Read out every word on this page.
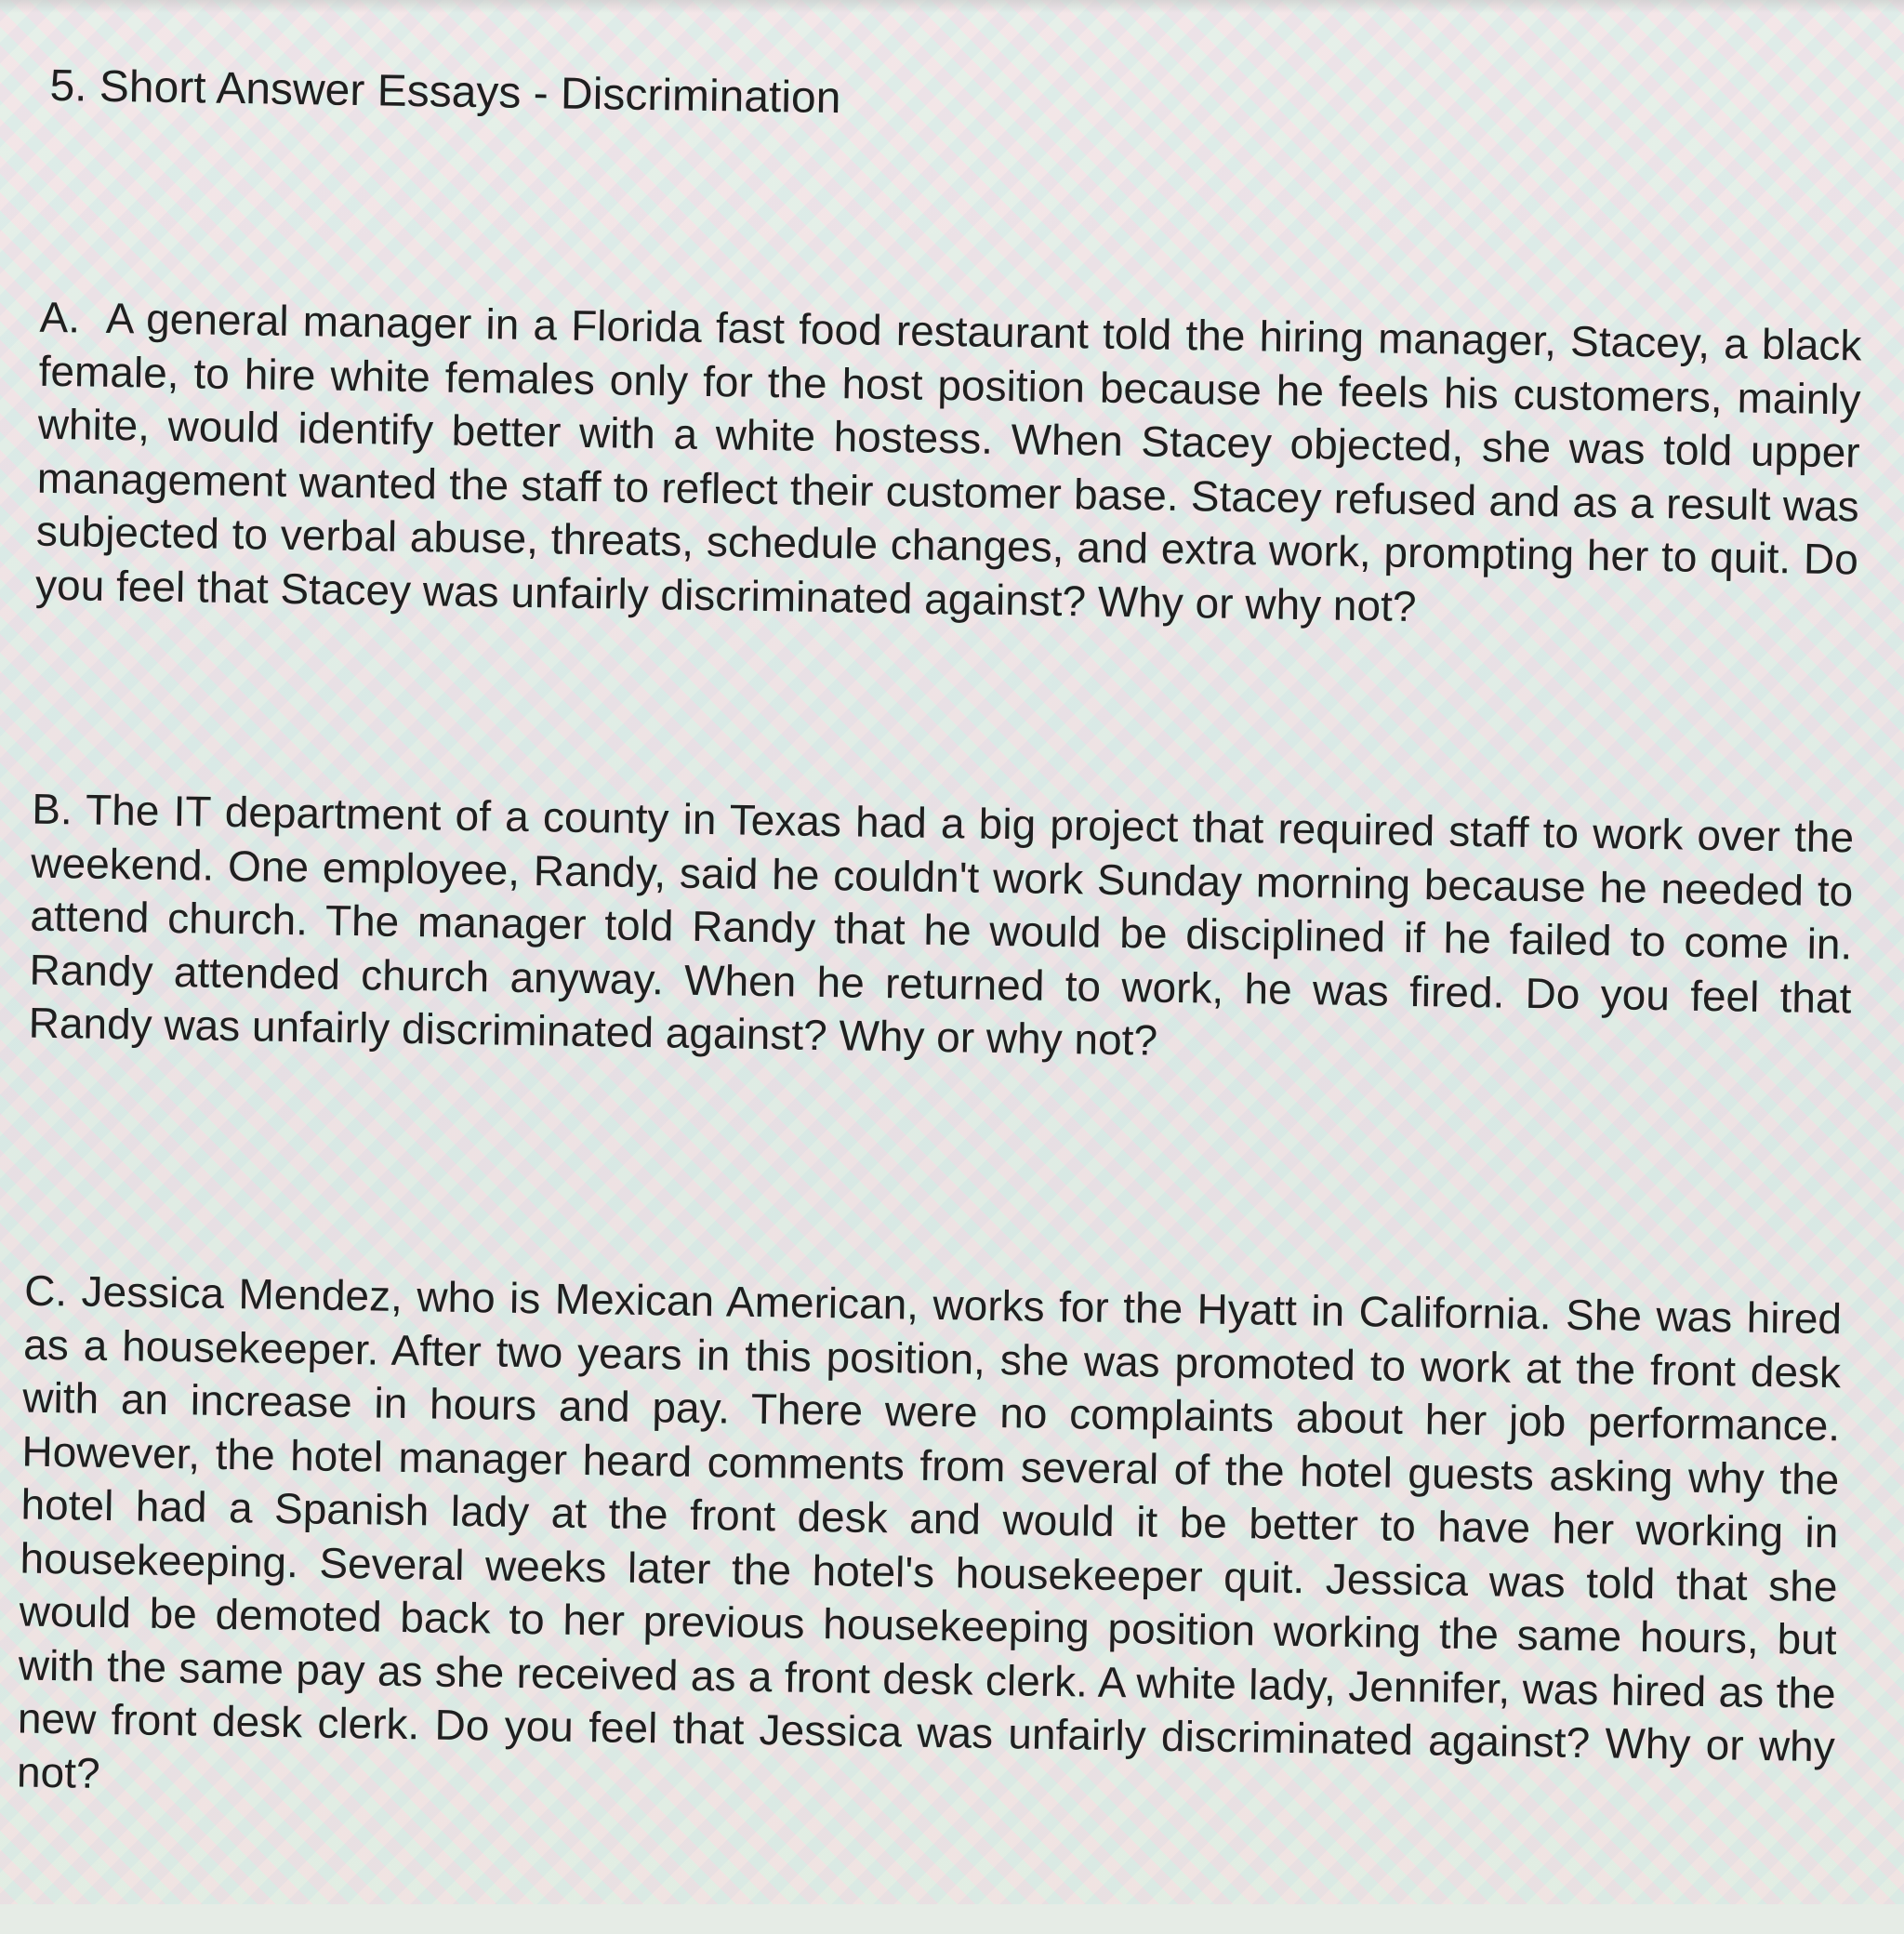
5. Short Answer Essays - Discrimination

A. A general manager in a Florida fast food restaurant told the hiring manager, Stacey, a black female, to hire white females only for the host position because he feels his customers, mainly white, would identify better with a white hostess. When Stacey objected, she was told upper management wanted the staff to reflect their customer base. Stacey refused and as a result was subjected to verbal abuse, threats, schedule changes, and extra work, prompting her to quit. Do you feel that Stacey was unfairly discriminated against? Why or why not?

B. The IT department of a county in Texas had a big project that required staff to work over the weekend. One employee, Randy, said he couldn't work Sunday morning because he needed to attend church. The manager told Randy that he would be disciplined if he failed to come in. Randy attended church anyway. When he returned to work, he was fired. Do you feel that Randy was unfairly discriminated against? Why or why not?

C. Jessica Mendez, who is Mexican American, works for the Hyatt in California. She was hired as a housekeeper. After two years in this position, she was promoted to work at the front desk with an increase in hours and pay. There were no complaints about her job performance. However, the hotel manager heard comments from several of the hotel guests asking why the hotel had a Spanish lady at the front desk and would it be better to have her working in housekeeping. Several weeks later the hotel's housekeeper quit. Jessica was told that she would be demoted back to her previous housekeeping position working the same hours, but with the same pay as she received as a front desk clerk. A white lady, Jennifer, was hired as the new front desk clerk. Do you feel that Jessica was unfairly discriminated against? Why or why not?
